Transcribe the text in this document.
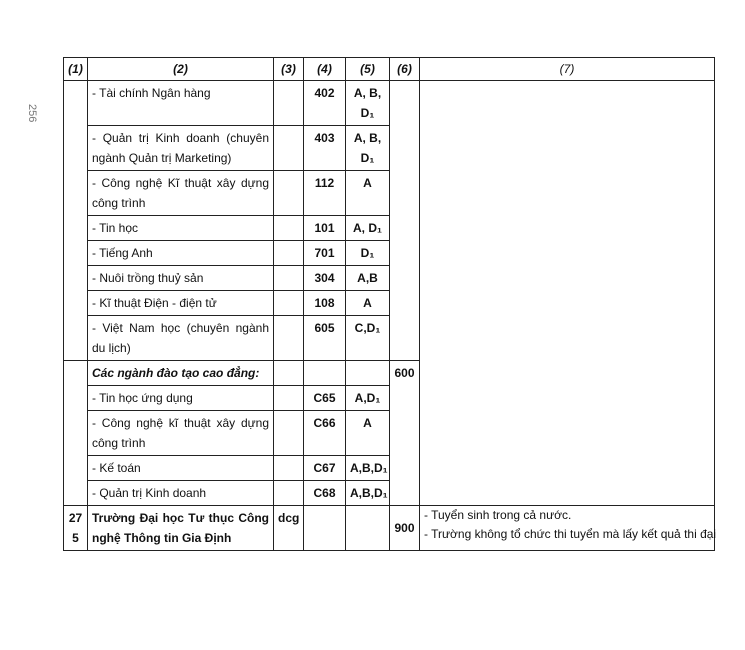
256
(1)	(2)	(3)	(4)	(5)	(6)	(7)
	- Tài chính Ngân hàng		402	A, B, D₁		
	- Quản trị Kinh doanh (chuyên ngành Quản trị Marketing)		403	A, B, D₁		
	- Công nghệ Kĩ thuật xây dựng công trình		112	A		
	- Tin học		101	A, D₁		
	- Tiếng Anh		701	D₁		
	- Nuôi trồng thuỷ sản		304	A,B		
	- Kĩ thuật Điện - điện tử		108	A		
	- Việt Nam học (chuyên ngành du lịch)		605	C,D₁		
	Các ngành đào tạo cao đẳng:				600	
	- Tin học ứng dụng		C65	A,D₁		
	- Công nghệ kĩ thuật xây dựng công trình		C66	A		
	- Kế toán		C67	A,B,D₁		
	- Quản trị Kinh doanh		C68	A,B,D₁		
27 5	Trường Đại học Tư thục Công nghệ Thông tin Gia Định	dcg			900	- Tuyển sinh trong cả nước.
- Trường không tổ chức thi tuyển mà lấy kết quả thi đại
